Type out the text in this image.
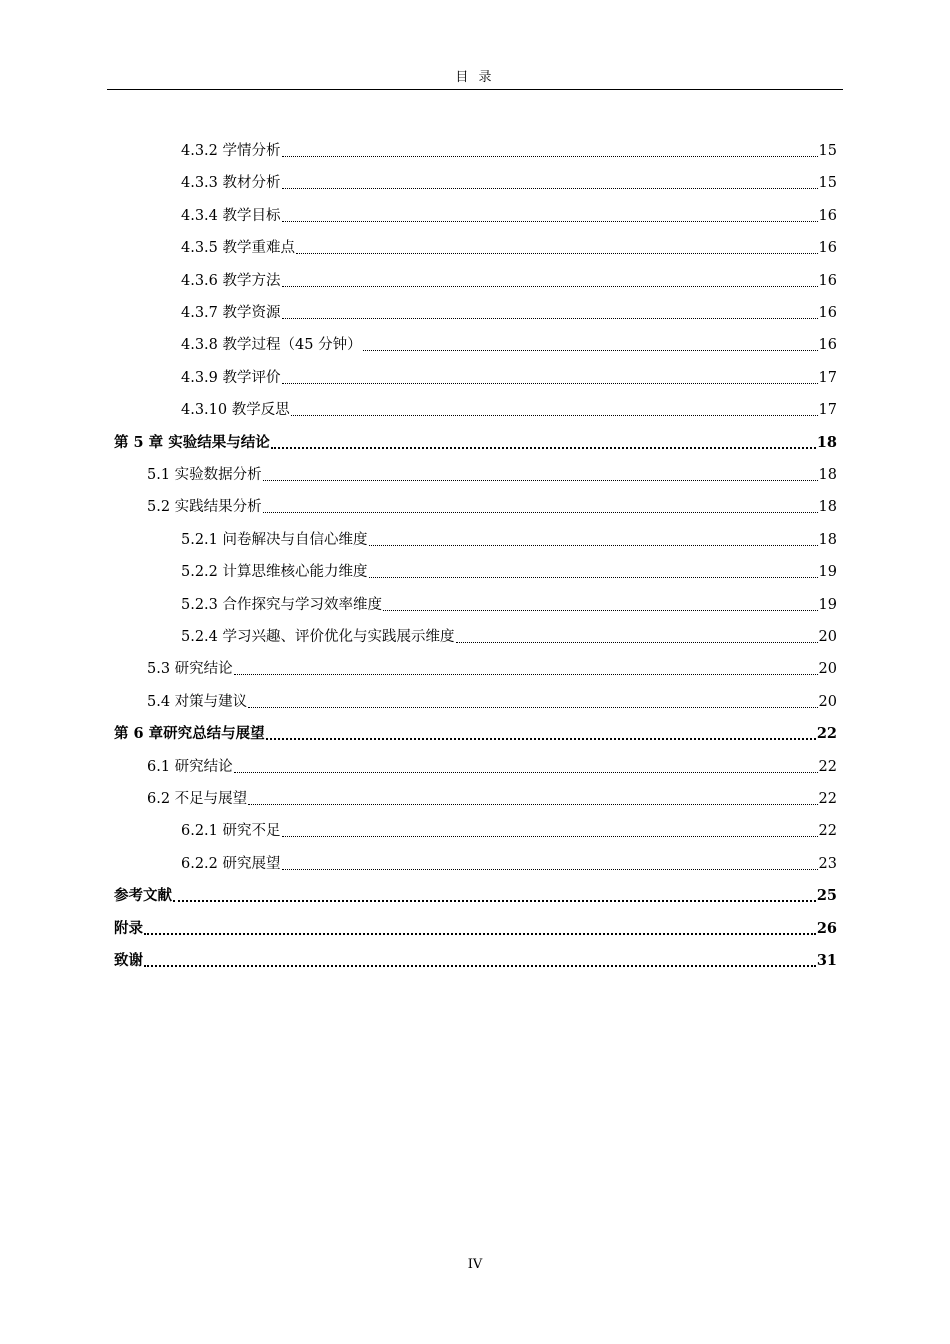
目 录
4.3.2 学情分析	15
4.3.3 教材分析	15
4.3.4 教学目标	16
4.3.5 教学重难点	16
4.3.6 教学方法	16
4.3.7 教学资源	16
4.3.8 教学过程（45 分钟）	16
4.3.9 教学评价	17
4.3.10 教学反思	17
第 5 章 实验结果与结论	18
5.1 实验数据分析	18
5.2 实践结果分析	18
5.2.1 问卷解决与自信心维度	18
5.2.2 计算思维核心能力维度	19
5.2.3 合作探究与学习效率维度	19
5.2.4 学习兴趣、评价优化与实践展示维度	20
5.3 研究结论	20
5.4 对策与建议	20
第 6 章研究总结与展望	22
6.1 研究结论	22
6.2 不足与展望	22
6.2.1 研究不足	22
6.2.2 研究展望	23
参考文献	25
附录	26
致谢	31
IV
